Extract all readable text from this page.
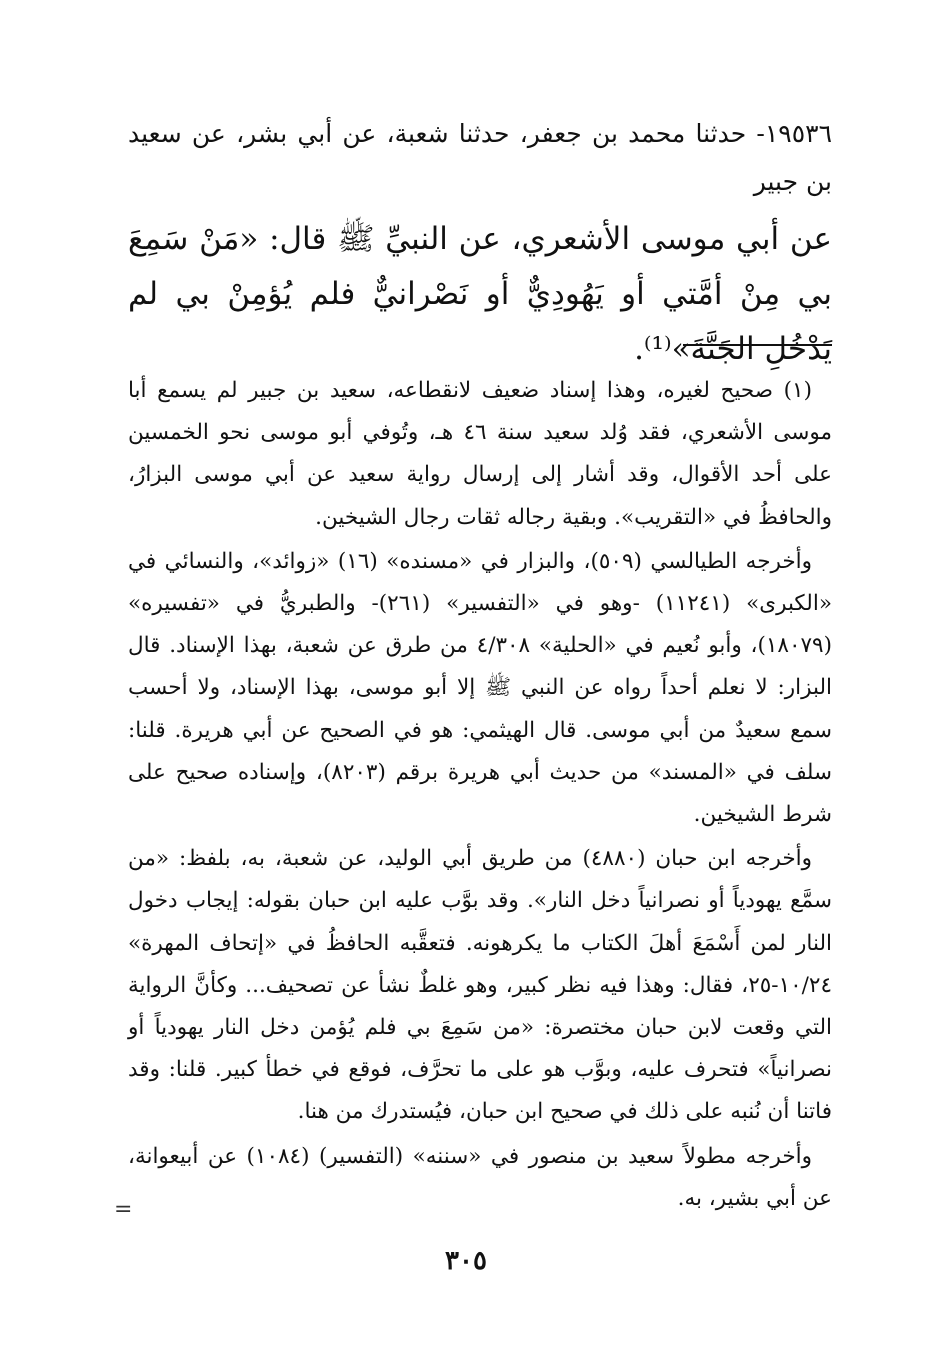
١٩٥٣٦- حدثنا محمد بن جعفر، حدثنا شعبة، عن أبي بشر، عن سعيد بن جبير
عن أبي موسى الأشعري، عن النبيِّ ﷺ قال: «مَنْ سَمِعَ بي مِنْ أمَّتي أو يَهُودِيٌّ أو نَصْرانيٌّ فلم يُؤمِنْ بي لم يَدْخُلِ الجَنَّةَ»⁽¹⁾.

(١) صحيح لغيره، وهذا إسناد ضعيف لانقطاعه، سعيد بن جبير لم يسمع أبا موسى الأشعري، فقد وُلد سعيد سنة ٤٦ هـ، وتُوفي أبو موسى نحو الخمسين على أحد الأقوال، وقد أشار إلى إرسال رواية سعيد عن أبي موسى البزارُ، والحافظُ في «التقريب». وبقية رجاله ثقات رجال الشيخين.

وأخرجه الطيالسي (٥٠٩)، والبزار في «مسنده» (١٦) «زوائد»، والنسائي في «الكبرى» (١١٢٤١) -وهو في «التفسير» (٢٦١)- والطبريُّ في «تفسيره» (١٨٠٧٩)، وأبو نُعيم في «الحلية» ٤/٣٠٨ من طرق عن شعبة، بهذا الإسناد. قال البزار: لا نعلم أحداً رواه عن النبي ﷺ إلا أبو موسى، بهذا الإسناد، ولا أحسب سمع سعيدٌ من أبي موسى. قال الهيثمي: هو في الصحيح عن أبي هريرة. قلنا: سلف في «المسند» من حديث أبي هريرة برقم (٨٢٠٣)، وإسناده صحيح على شرط الشيخين.

وأخرجه ابن حبان (٤٨٨٠) من طريق أبي الوليد، عن شعبة، به، بلفظ: «من سمَّع يهودياً أو نصرانياً دخل النار». وقد بوَّب عليه ابن حبان بقوله: إيجاب دخول النار لمن أَسْمَعَ أهلَ الكتاب ما يكرهونه. فتعقَّبه الحافظُ في «إتحاف المهرة» ١٠/٢٤-٢٥، فقال: وهذا فيه نظر كبير، وهو غلطٌ نشأ عن تصحيف... وكأنَّ الرواية التي وقعت لابن حبان مختصرة: «من سَمِعَ بي فلم يُؤمن دخل النار يهودياً أو نصرانياً» فتحرف عليه، وبوَّب هو على ما تحرَّف، فوقع في خطأ كبير. قلنا: وقد فاتنا أن نُنبه على ذلك في صحيح ابن حبان، فيُستدرك من هنا.

وأخرجه مطولاً سعيد بن منصور في «سننه» (التفسير) (١٠٨٤) عن أبيعوانة، عن أبي بشير، به.

=
٣٠٥
